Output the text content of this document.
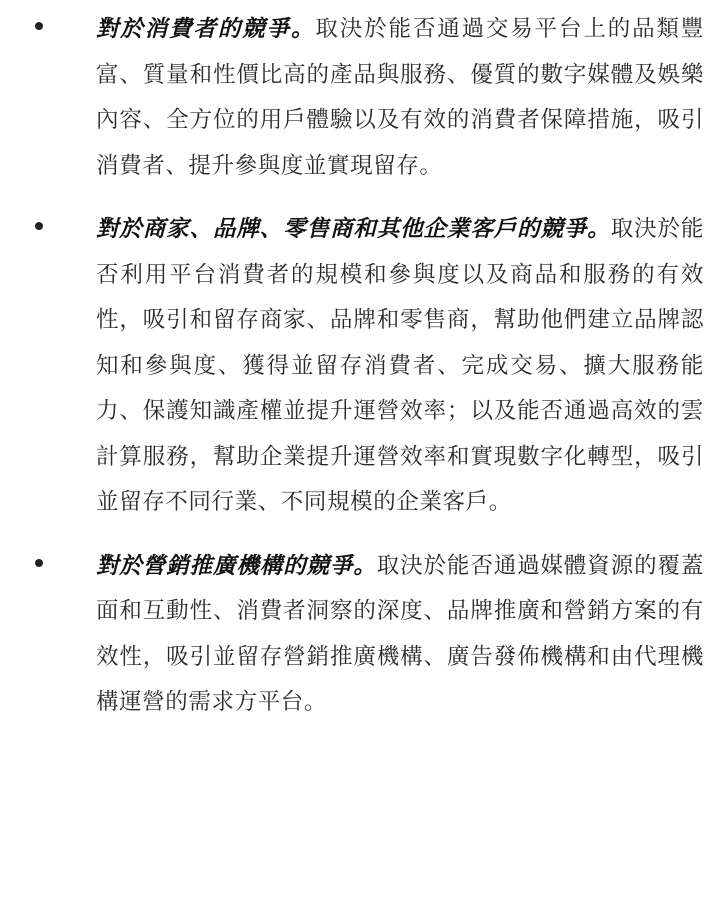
對於消費者的競爭。取決於能否通過交易平台上的品類豐富、質量和性價比高的產品與服務、優質的數字媒體及娛樂內容、全方位的用戶體驗以及有效的消費者保障措施，吸引消費者、提升參與度並實現留存。

對於商家、品牌、零售商和其他企業客戶的競爭。取決於能否利用平台消費者的規模和參與度以及商品和服務的有效性，吸引和留存商家、品牌和零售商，幫助他們建立品牌認知和參與度、獲得並留存消費者、完成交易、擴大服務能力、保護知識產權並提升運營效率；以及能否通過高效的雲計算服務，幫助企業提升運營效率和實現數字化轉型，吸引並留存不同行業、不同規模的企業客戶。

對於營銷推廣機構的競爭。取決於能否通過媒體資源的覆蓋面和互動性、消費者洞察的深度、品牌推廣和營銷方案的有效性，吸引並留存營銷推廣機構、廣告發佈機構和由代理機構運營的需求方平台。
